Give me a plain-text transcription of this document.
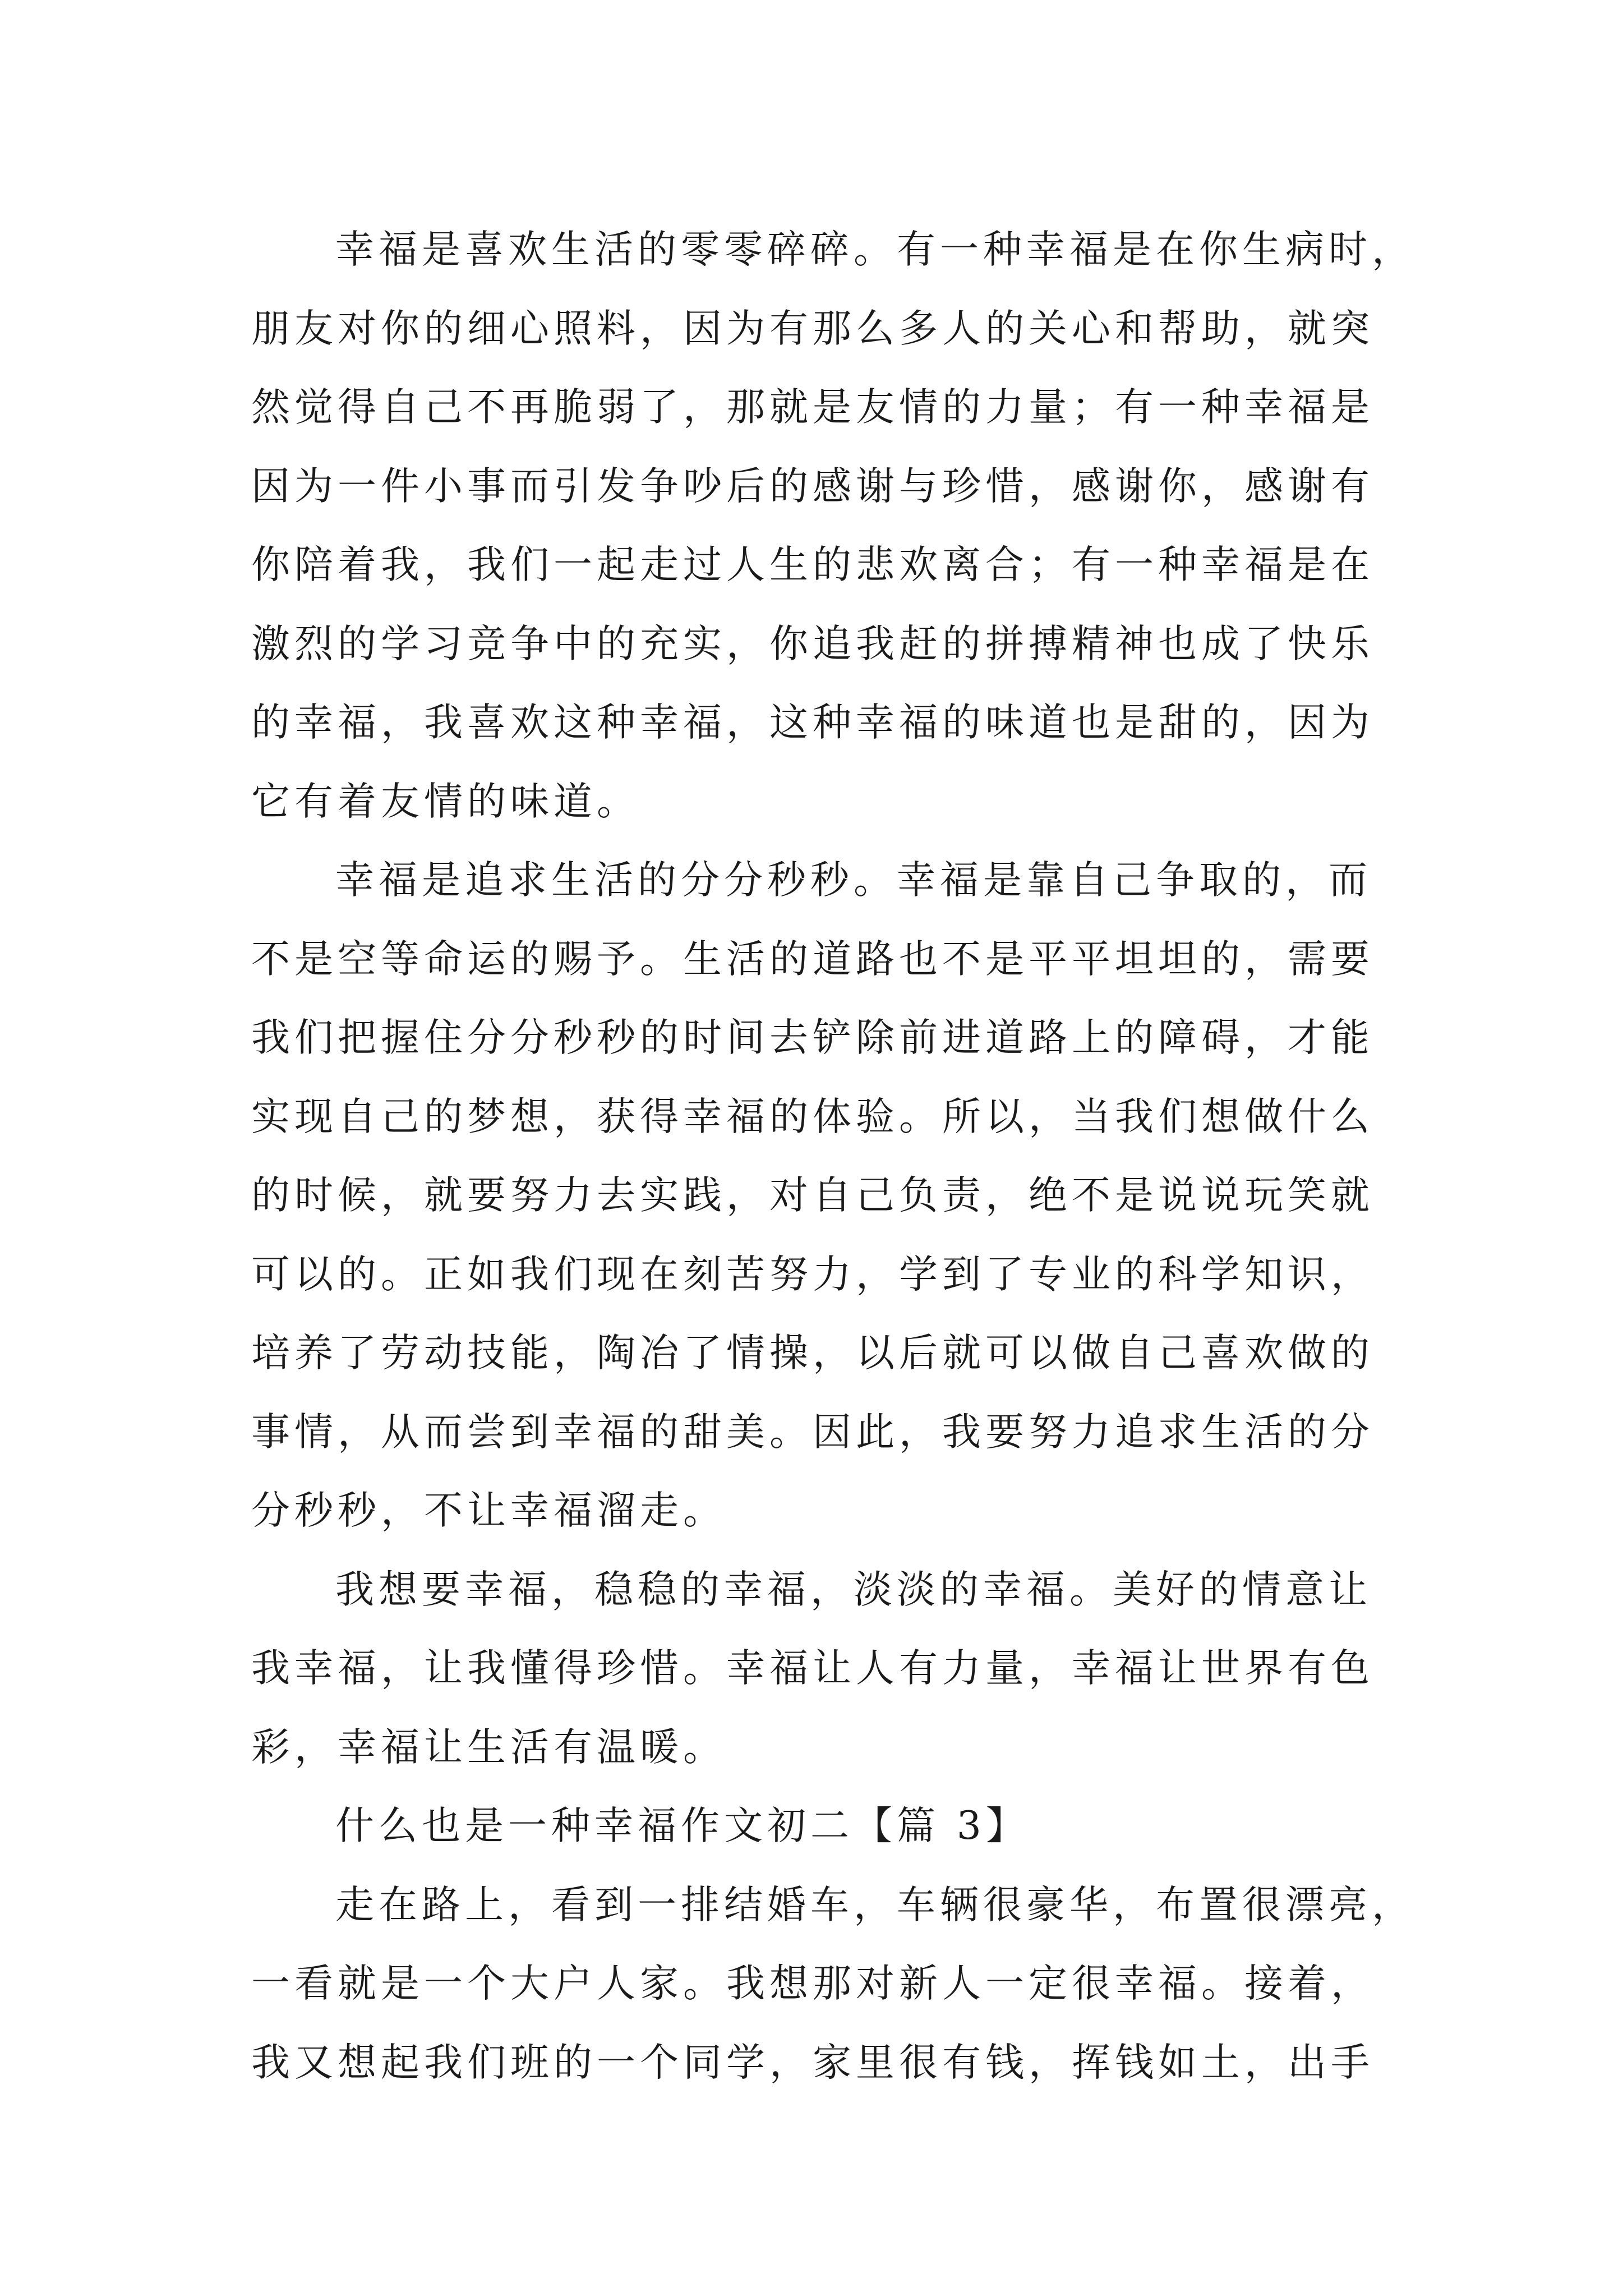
幸福是喜欢生活的零零碎碎。有一种幸福是在你生病时，
朋友对你的细心照料，因为有那么多人的关心和帮助，就突
然觉得自己不再脆弱了，那就是友情的力量；有一种幸福是
因为一件小事而引发争吵后的感谢与珍惜，感谢你，感谢有
你陪着我，我们一起走过人生的悲欢离合；有一种幸福是在
激烈的学习竞争中的充实，你追我赶的拼搏精神也成了快乐
的幸福，我喜欢这种幸福，这种幸福的味道也是甜的，因为
它有着友情的味道。
幸福是追求生活的分分秒秒。幸福是靠自己争取的，而
不是空等命运的赐予。生活的道路也不是平平坦坦的，需要
我们把握住分分秒秒的时间去铲除前进道路上的障碍，才能
实现自己的梦想，获得幸福的体验。所以，当我们想做什么
的时候，就要努力去实践，对自己负责，绝不是说说玩笑就
可以的。正如我们现在刻苦努力，学到了专业的科学知识，
培养了劳动技能，陶冶了情操，以后就可以做自己喜欢做的
事情，从而尝到幸福的甜美。因此，我要努力追求生活的分
分秒秒，不让幸福溜走。
我想要幸福，稳稳的幸福，淡淡的幸福。美好的情意让
我幸福，让我懂得珍惜。幸福让人有力量，幸福让世界有色
彩，幸福让生活有温暖。
什么也是一种幸福作文初二【篇 3】
走在路上，看到一排结婚车，车辆很豪华，布置很漂亮，
一看就是一个大户人家。我想那对新人一定很幸福。接着，
我又想起我们班的一个同学，家里很有钱，挥钱如土，出手
